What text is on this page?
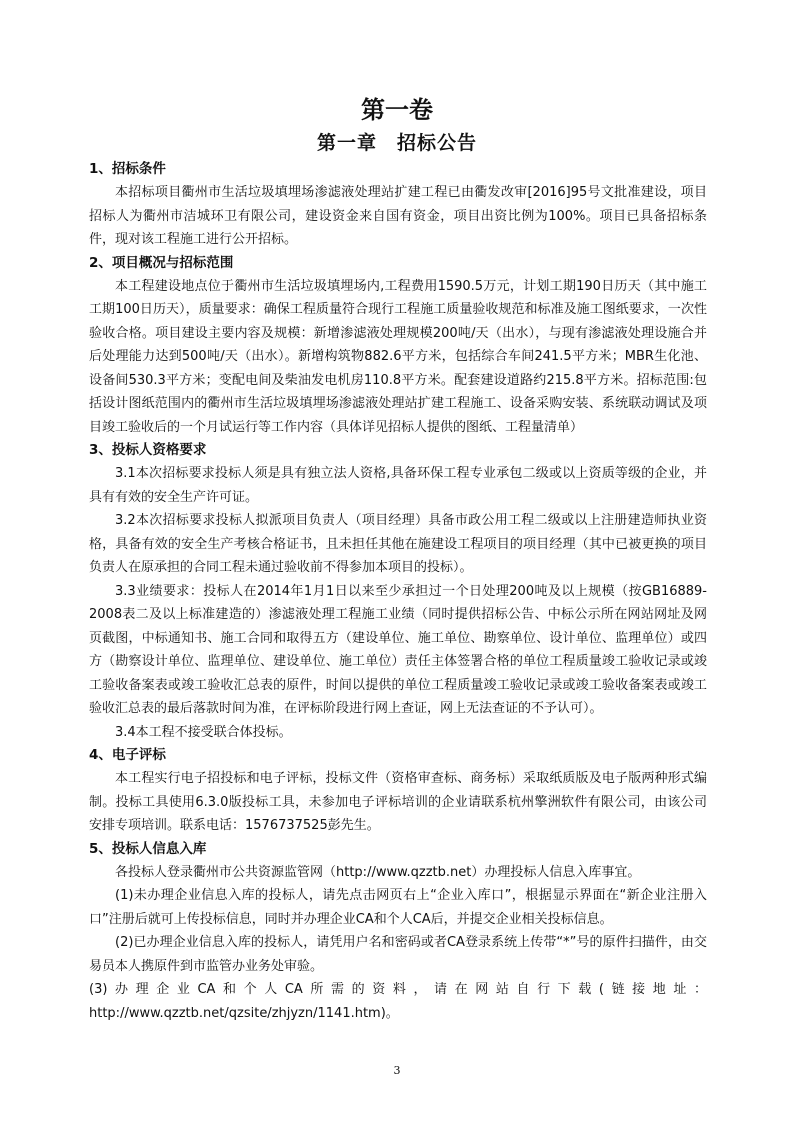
第一卷
第一章　招标公告

1、招标条件

本招标项目衢州市生活垃圾填埋场渗滤液处理站扩建工程已由衢发改审[2016]95号文批准建设，项目招标人为衢州市洁城环卫有限公司，建设资金来自国有资金，项目出资比例为100%。项目已具备招标条件，现对该工程施工进行公开招标。

2、项目概况与招标范围

本工程建设地点位于衢州市生活垃圾填埋场内,工程费用1590.5万元，计划工期190日历天（其中施工工期100日历天），质量要求：确保工程质量符合现行工程施工质量验收规范和标准及施工图纸要求，一次性验收合格。项目建设主要内容及规模：新增渗滤液处理规模200吨/天（出水），与现有渗滤液处理设施合并后处理能力达到500吨/天（出水）。新增构筑物882.6平方米，包括综合车间241.5平方米；MBR生化池、设备间530.3平方米；变配电间及柴油发电机房110.8平方米。配套建设道路约215.8平方米。招标范围:包括设计图纸范围内的衢州市生活垃圾填埋场渗滤液处理站扩建工程施工、设备采购安装、系统联动调试及项目竣工验收后的一个月试运行等工作内容（具体详见招标人提供的图纸、工程量清单）

3、投标人资格要求

3.1本次招标要求投标人须是具有独立法人资格,具备环保工程专业承包二级或以上资质等级的企业，并具有有效的安全生产许可证。

3.2本次招标要求投标人拟派项目负责人（项目经理）具备市政公用工程二级或以上注册建造师执业资格，具备有效的安全生产考核合格证书，且未担任其他在施建设工程项目的项目经理（其中已被更换的项目负责人在原承担的合同工程未通过验收前不得参加本项目的投标）。

3.3业绩要求：投标人在2014年1月1日以来至少承担过一个日处理200吨及以上规模（按GB16889-2008表二及以上标准建造的）渗滤液处理工程施工业绩（同时提供招标公告、中标公示所在网站网址及网页截图，中标通知书、施工合同和取得五方（建设单位、施工单位、勘察单位、设计单位、监理单位）或四方（勘察设计单位、监理单位、建设单位、施工单位）责任主体签署合格的单位工程质量竣工验收记录或竣工验收备案表或竣工验收汇总表的原件，时间以提供的单位工程质量竣工验收记录或竣工验收备案表或竣工验收汇总表的最后落款时间为准，在评标阶段进行网上查证，网上无法查证的不予认可）。

3.4本工程不接受联合体投标。

4、电子评标

本工程实行电子招投标和电子评标，投标文件（资格审查标、商务标）采取纸质版及电子版两种形式编制。投标工具使用6.3.0版投标工具，未参加电子评标培训的企业请联系杭州擎洲软件有限公司，由该公司安排专项培训。联系电话：15767375​25彭先生。

5、投标人信息入库

各投标人登录衢州市公共资源监管网（http://www.qzztb.net）办理投标人信息入库事宜。

(1)未办理企业信息入库的投标人，请先点击网页右上“企业入库口”，根据显示界面在“新企业注册入口”注册后就可上传投标信息，同时并办理企业CA和个人CA后，并提交企业相关投标信息。

(2)已办理企业信息入库的投标人，请凭用户名和密码或者CA登录系统上传带“*”号的原件扫描件，由交易员本人携原件到市监管办业务处审验。

(3)办理企业CA和个人CA所需的资料，请在网站自行下载(链接地址：http://www.qzztb.net/qzsite/zhjyzn/1141.htm)。

3
